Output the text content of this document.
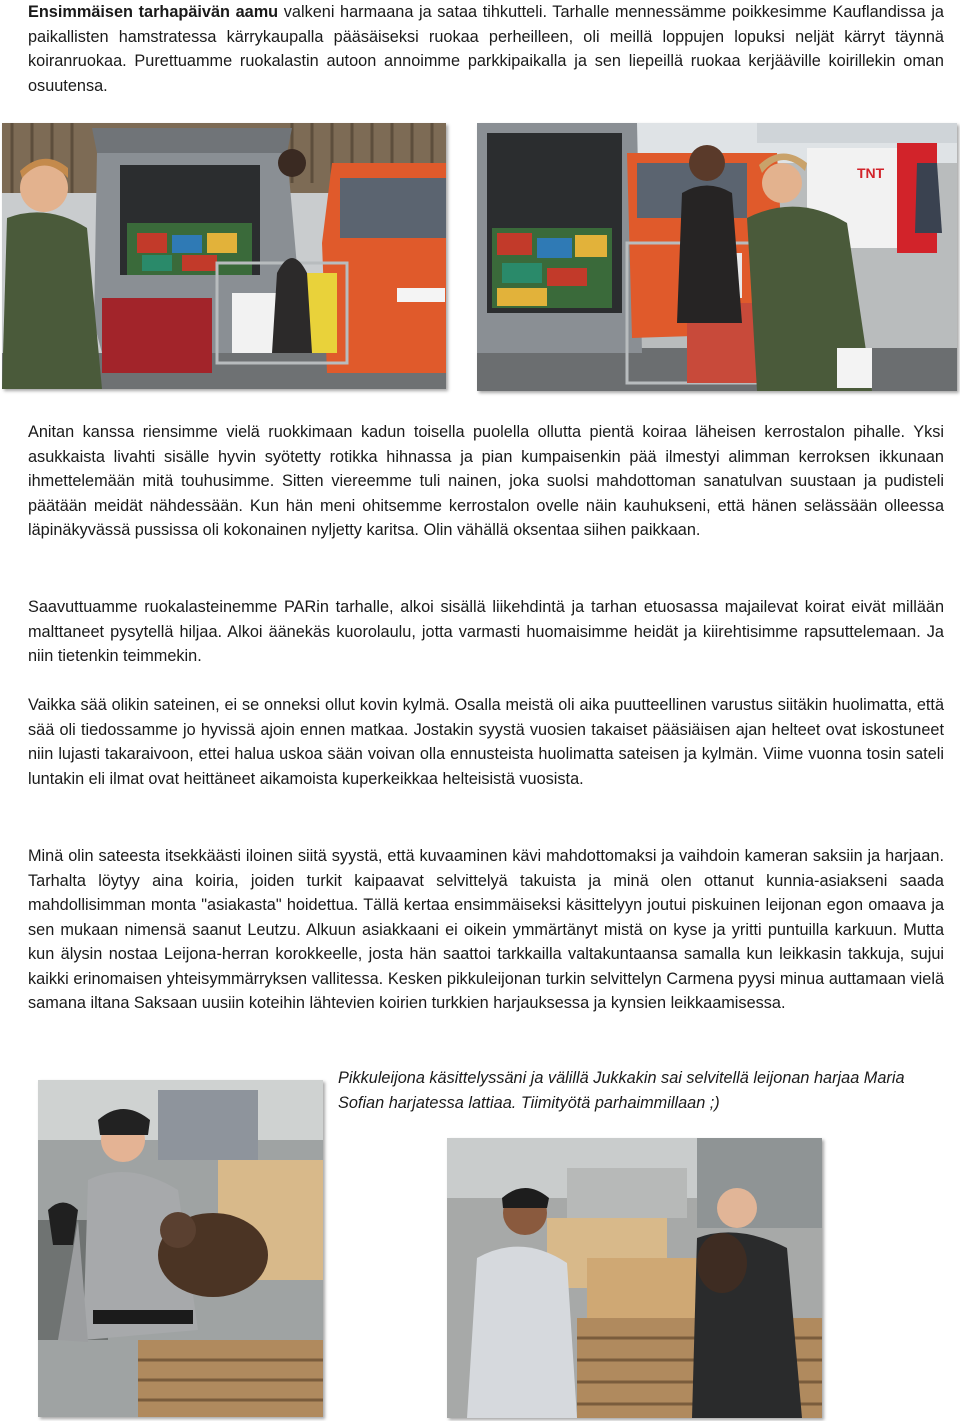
Ensimmäisen tarhapäivän aamu valkeni harmaana ja sataa tihkutteli. Tarhalle mennessämme poikkesimme Kauflandissa ja paikallisten hamstratessa kärrykaupalla pääsäiseksi ruokaa perheilleen, oli meillä loppujen lopuksi neljät kärryt täynnä koiranruokaa. Purettuamme ruokalastin autoon annoimme parkkipaikalla ja sen liepeillä ruokaa kerjääville koirillekin oman osuutensa.

TNT

Anitan kanssa riensimme vielä ruokkimaan kadun toisella puolella ollutta pientä koiraa läheisen kerrostalon pihalle. Yksi asukkaista livahti sisälle hyvin syötetty rotikka hihnassa ja pian kumpaisenkin pää ilmestyi alimman kerroksen ikkunaan ihmettelemään mitä touhusimme. Sitten viereemme tuli nainen, joka suolsi mahdottoman sanatulvan suustaan ja pudisteli päätään meidät nähdessään. Kun hän meni ohitsemme kerrostalon ovelle näin kauhukseni, että hänen selässään olleessa läpinäkyvässä pussissa oli kokonainen nyljetty karitsa. Olin vähällä oksentaa siihen paikkaan.

Saavuttuamme ruokalasteinemme PARin tarhalle, alkoi sisällä liikehdintä ja tarhan etuosassa majailevat koirat eivät millään malttaneet pysytellä hiljaa. Alkoi äänekäs kuorolaulu, jotta varmasti huomaisimme heidät ja kiirehtisimme rapsuttelemaan. Ja niin tietenkin teimmekin.

Vaikka sää olikin sateinen, ei se onneksi ollut kovin kylmä. Osalla meistä oli aika puutteellinen varustus siitäkin huolimatta, että sää oli tiedossamme jo hyvissä ajoin ennen matkaa. Jostakin syystä vuosien takaiset pääsiäisen ajan helteet ovat iskostuneet niin lujasti takaraivoon, ettei halua uskoa sään voivan olla ennusteista huolimatta sateisen ja kylmän. Viime vuonna tosin sateli luntakin eli ilmat ovat heittäneet aikamoista kuperkeikkaa helteisistä vuosista.

Minä olin sateesta itsekkäästi iloinen siitä syystä, että kuvaaminen kävi mahdottomaksi ja vaihdoin kameran saksiin ja harjaan. Tarhalta löytyy aina koiria, joiden turkit kaipaavat selvittelyä takuista ja minä olen ottanut kunnia-asiakseni saada mahdollisimman monta "asiakasta" hoidettua. Tällä kertaa ensimmäiseksi käsittelyyn joutui piskuinen leijonan egon omaava ja sen mukaan nimensä saanut Leutzu. Alkuun asiakkaani ei oikein ymmärtänyt mistä on kyse ja yritti puntuilla karkuun. Mutta kun älysin nostaa Leijona-herran korokkeelle, josta hän saattoi tarkkailla valtakuntaansa samalla kun leikkasin takkuja, sujui kaikki erinomaisen yhteisymmärryksen vallitessa. Kesken pikkuleijonan turkin selvittelyn Carmena pyysi minua auttamaan vielä samana iltana Saksaan uusiin koteihin lähtevien koirien turkkien harjauksessa ja kynsien leikkaamisessa.

Pikkuleijona käsittelyssäni ja välillä Jukkakin sai selvitellä leijonan harjaa Maria Sofian harjatessa lattiaa. Tiimityötä parhaimmillaan ;)
